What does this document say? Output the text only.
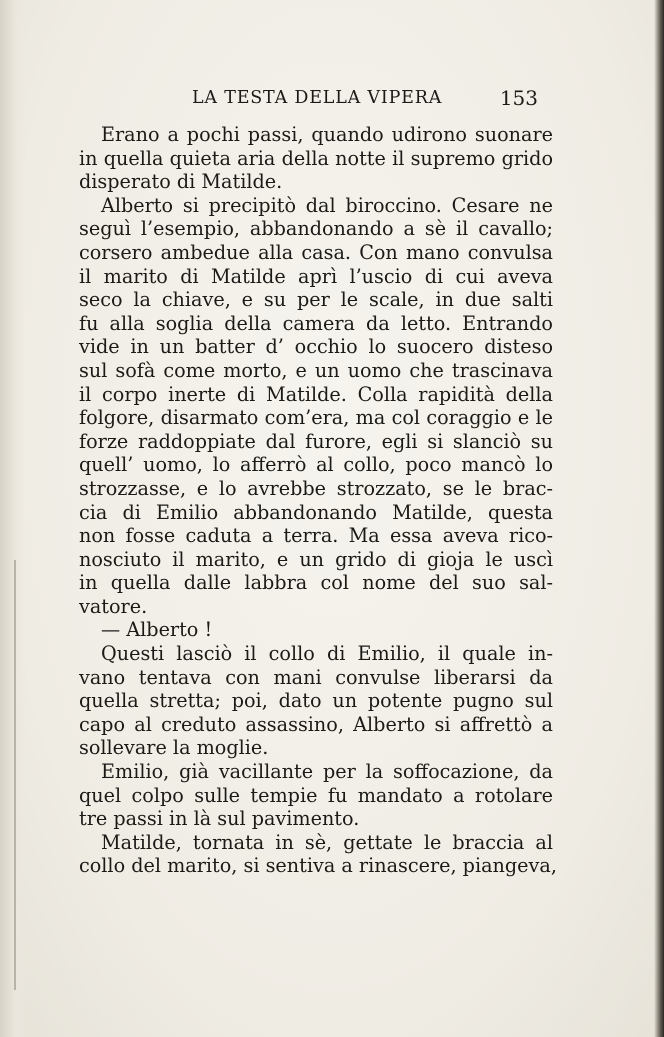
LA TESTA DELLA VIPERA	153
Erano a pochi passi, quando udirono suonare
in quella quieta aria della notte il supremo grido
disperato di Matilde.
Alberto si precipitò dal biroccino. Cesare ne
seguì l’esempio, abbandonando a sè il cavallo;
corsero ambedue alla casa. Con mano convulsa
il marito di Matilde aprì l’uscio di cui aveva
seco la chiave, e su per le scale, in due salti
fu alla soglia della camera da letto. Entrando
vide in un batter d’ occhio lo suocero disteso
sul sofà come morto, e un uomo che trascinava
il corpo inerte di Matilde. Colla rapidità della
folgore, disarmato com’era, ma col coraggio e le
forze raddoppiate dal furore, egli si slanciò su
quell’ uomo, lo afferrò al collo, poco mancò lo
strozzasse, e lo avrebbe strozzato, se le brac-
cia di Emilio abbandonando Matilde, questa
non fosse caduta a terra. Ma essa aveva rico-
nosciuto il marito, e un grido di gioja le uscì
in quella dalle labbra col nome del suo sal-
vatore.
— Alberto !
Questi lasciò il collo di Emilio, il quale in-
vano tentava con mani convulse liberarsi da
quella stretta; poi, dato un potente pugno sul
capo al creduto assassino, Alberto si affrettò a
sollevare la moglie.
Emilio, già vacillante per la soffocazione, da
quel colpo sulle tempie fu mandato a rotolare
tre passi in là sul pavimento.
Matilde, tornata in sè, gettate le braccia al
collo del marito, si sentiva a rinascere, piangeva,
